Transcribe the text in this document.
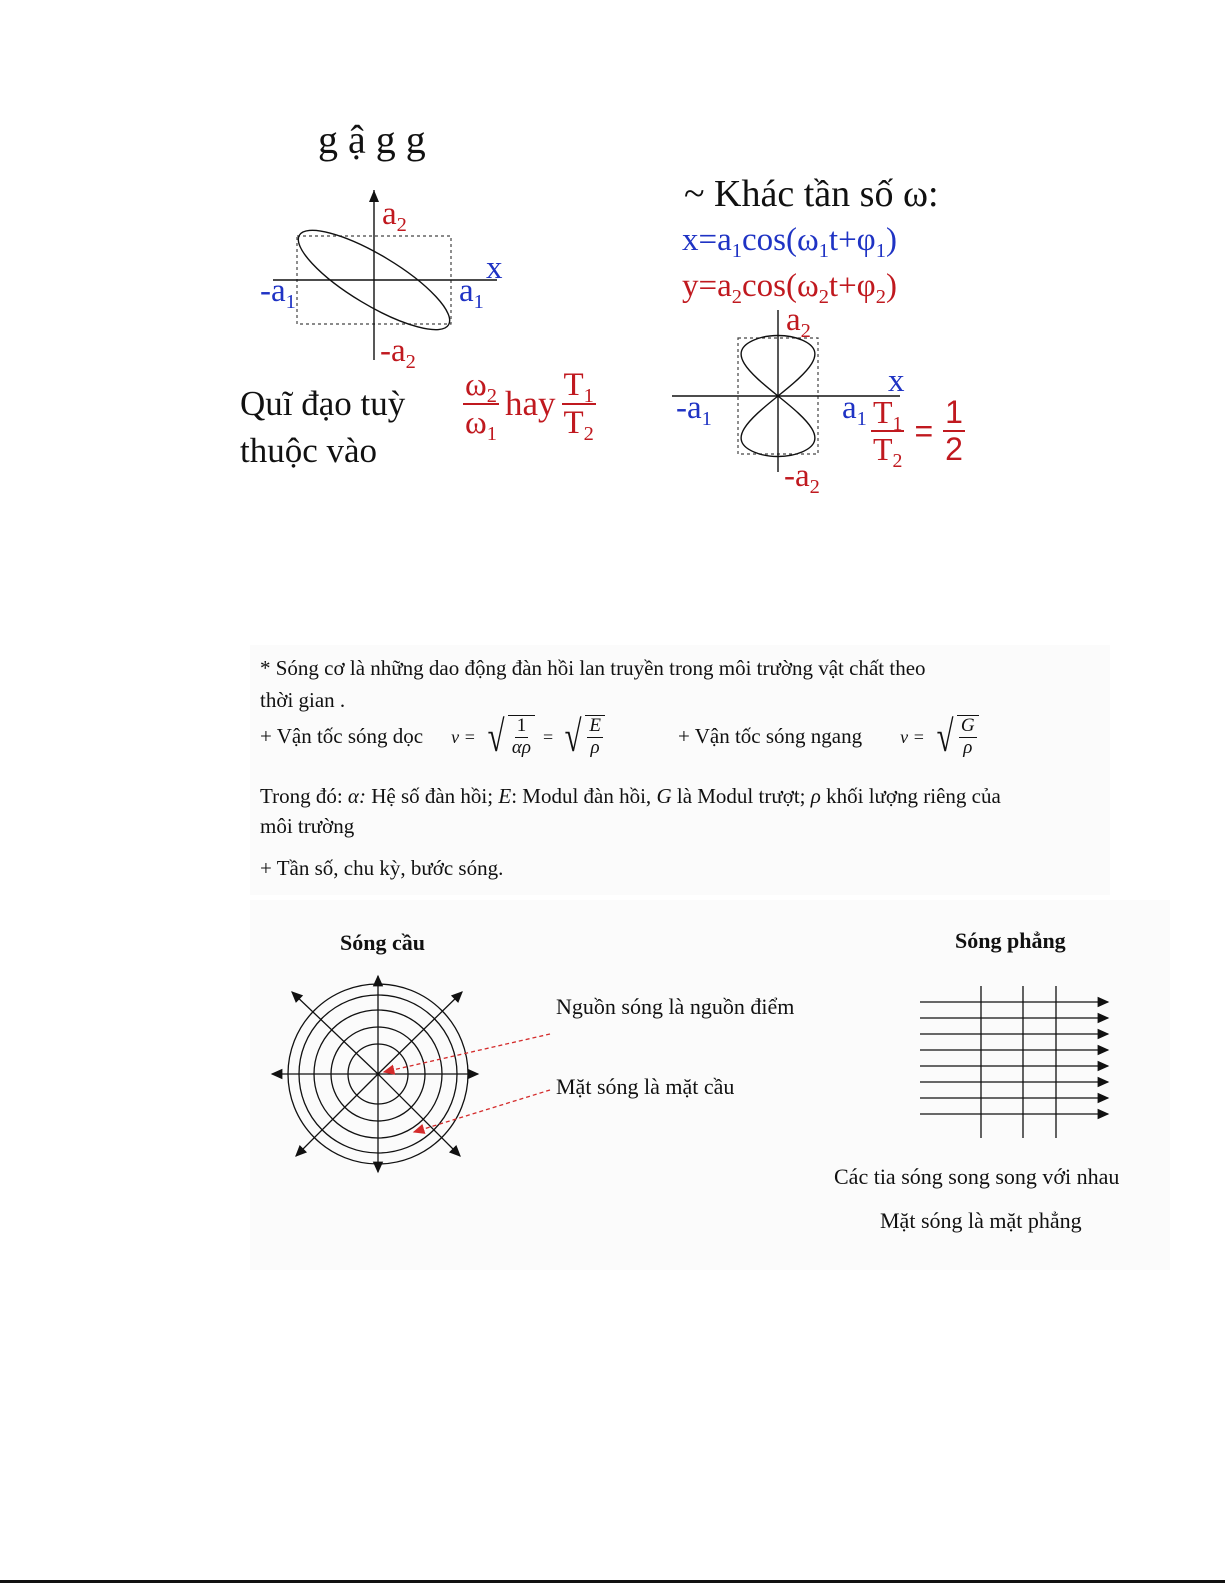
g ậ g g
$a_2$
$-a_1$	$a_1$
x
$-a_2$
~ Khác tần số ω:
$x=a_1\cos(\omega_1t+\varphi_1)$
$y=a_2\cos(\omega_2t+\varphi_2)$
$a_2$
x
$-a_1$	$a_1$
$-a_2$
Quĩ đạo tuỳ
thuộc vào
$\frac{\omega_2}{\omega_1}$ hay $\frac{T_1}{T_2}$	$\frac{T_1}{T_2} = \frac{1}{2}$
* Sóng cơ là những dao động đàn hồi lan truyền trong môi trường vật chất theo
thời gian .
+ Vận tốc sóng dọc v = √ $\frac{1}{\alpha\rho}$ = √ $\frac{E}{\rho}$	+ Vận tốc sóng ngang v = √ $\frac{G}{\rho}$
Trong đó: α: Hệ số đàn hồi; E: Modul đàn hồi, G là Modul trượt; ρ khối lượng riêng của
môi trường
+ Tần số, chu kỳ, bước sóng.
Sóng cầu	Sóng phẳng
Nguồn sóng là nguồn điểm
Mặt sóng là mặt cầu
Các tia sóng song song với nhau
Mặt sóng là mặt phẳng
